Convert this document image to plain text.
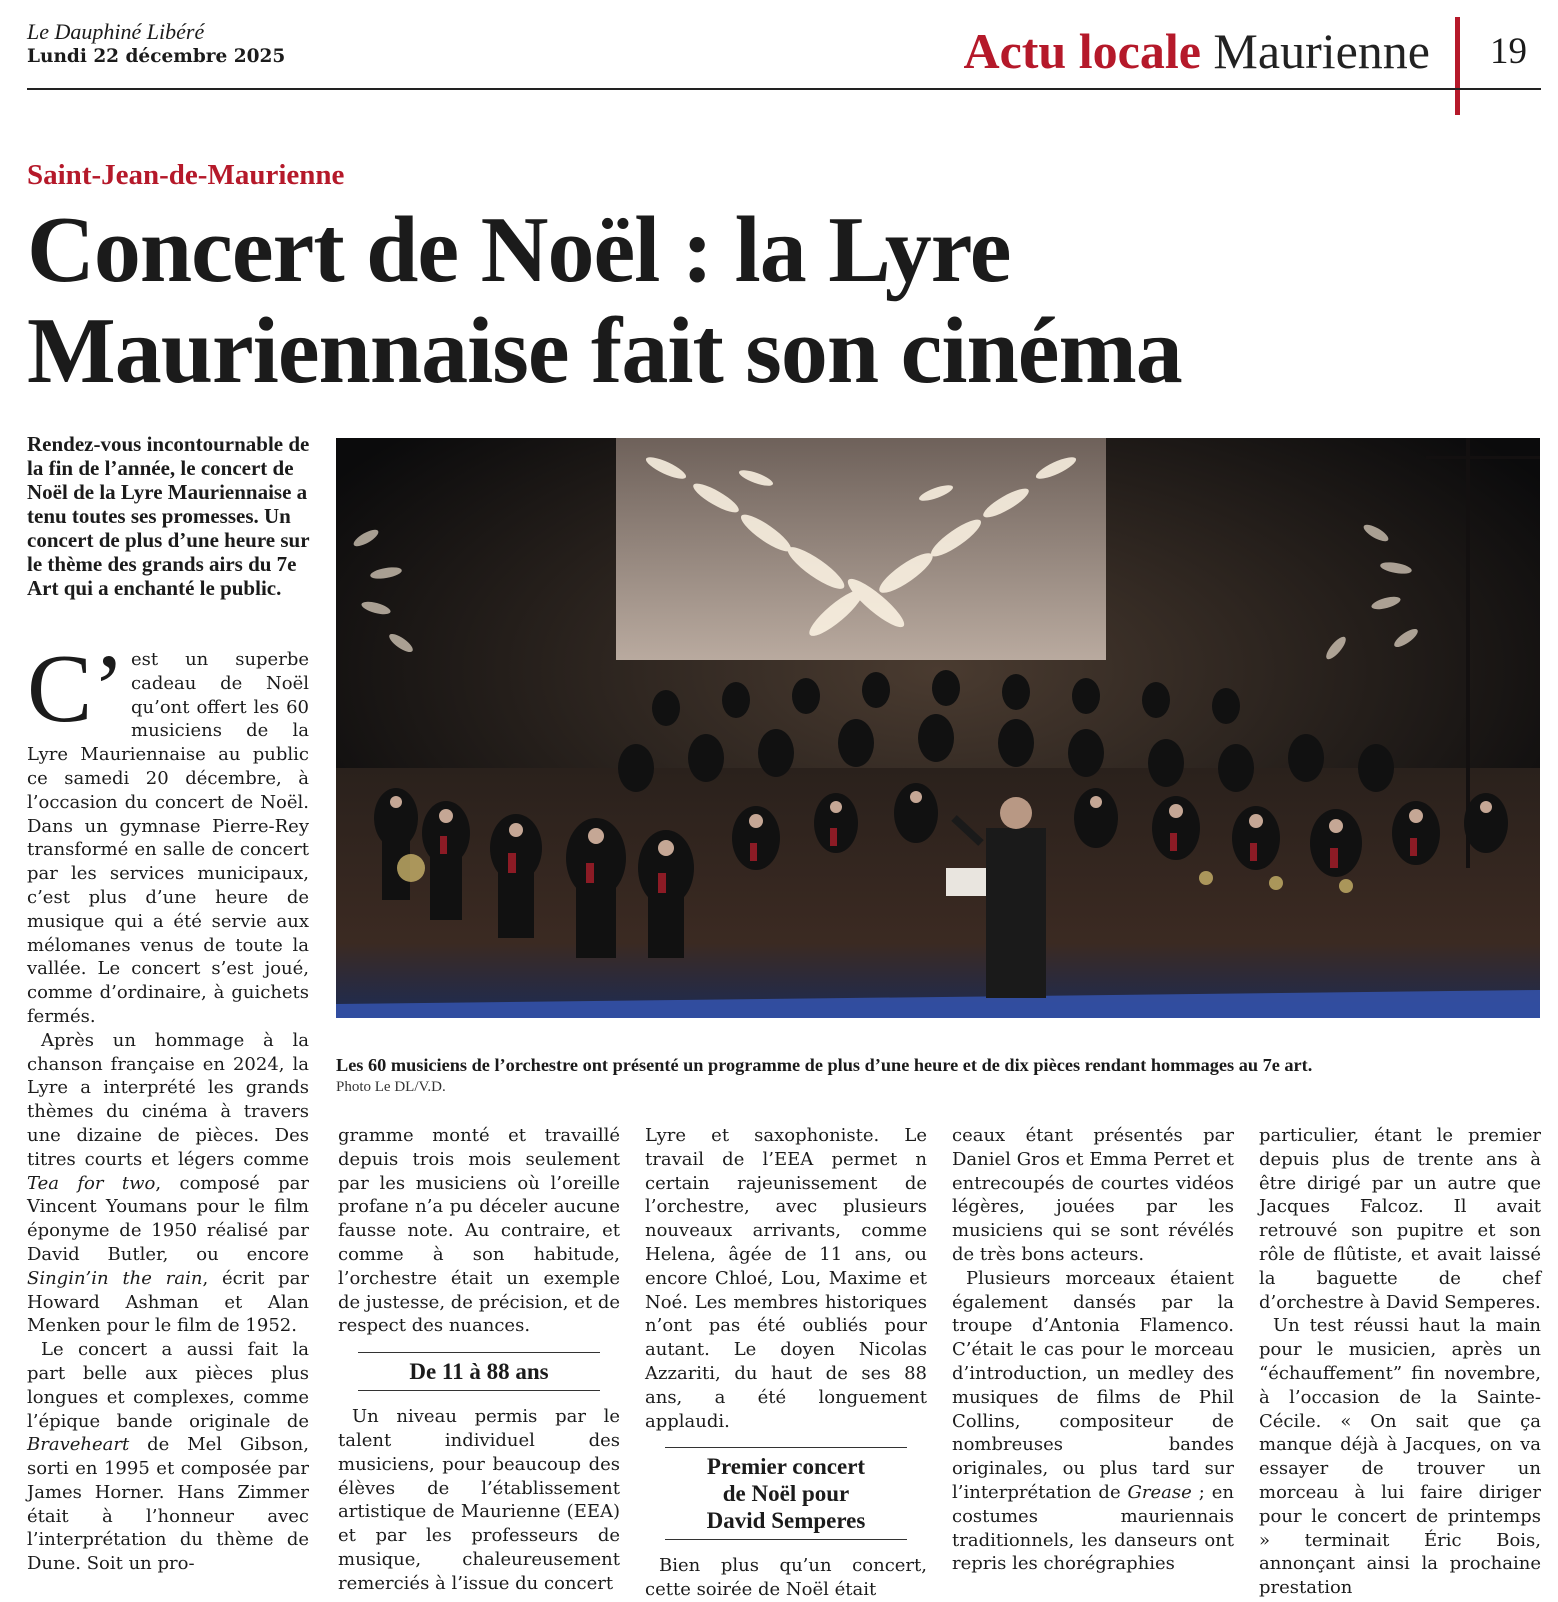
Le Dauphiné Libéré
Lundi 22 décembre 2025	Actu locale Maurienne 19
Saint-Jean-de-Maurienne
Concert de Noël : la Lyre
Mauriennaise fait son cinéma
Rendez-vous incontournable de la fin de l’année, le concert de Noël de la Lyre Mauriennaise a tenu toutes ses promesses. Un concert de plus d’une heure sur le thème des grands airs du 7e Art qui a enchanté le public.
Les 60 musiciens de l’orchestre ont présenté un programme de plus d’une heure et de dix pièces rendant hommages au 7e art.
Photo Le DL/V.D.

C’ est un superbe cadeau de Noël qu’ont offert les 60 musiciens de la Lyre Mauriennaise au public ce samedi 20 décembre, à l’occasion du concert de Noël. Dans un gymnase Pierre-Rey transformé en salle de concert par les services municipaux, c’est plus d’une heure de musique qui a été servie aux mélomanes venus de toute la vallée. Le concert s’est joué, comme d’ordinaire, à guichets fermés.

Après un hommage à la chanson française en 2024, la Lyre a interprété les grands thèmes du cinéma à travers une dizaine de pièces. Des titres courts et légers comme Tea for two, composé par Vincent Youmans pour le film éponyme de 1950 réalisé par David Butler, ou encore Singin’in the rain, écrit par Howard Ashman et Alan Menken pour le film de 1952.

Le concert a aussi fait la part belle aux pièces plus longues et complexes, comme l’épique bande originale de Braveheart de Mel Gibson, sorti en 1995 et composée par James Horner. Hans Zimmer était à l’honneur avec l’interprétation du thème de Dune. Soit un pro-

gramme monté et travaillé depuis trois mois seulement par les musiciens où l’oreille profane n’a pu déceler aucune fausse note. Au contraire, et comme à son habitude, l’orchestre était un exemple de justesse, de précision, et de respect des nuances.

De 11 à 88 ans

Un niveau permis par le talent individuel des musiciens, pour beaucoup des élèves de l’établissement artistique de Maurienne (EEA) et par les professeurs de musique, chaleureusement remerciés à l’issue du concert

Lyre et saxophoniste. Le travail de l’EEA permet n certain rajeunissement de l’orchestre, avec plusieurs nouveaux arrivants, comme Helena, âgée de 11 ans, ou encore Chloé, Lou, Maxime et Noé. Les membres historiques n’ont pas été oubliés pour autant. Le doyen Nicolas Azzariti, du haut de ses 88 ans, a été longuement applaudi.

Premier concert
de Noël pour
David Semperes

Bien plus qu’un concert, cette soirée de Noël était

ceaux étant présentés par Daniel Gros et Emma Perret et entrecoupés de courtes vidéos légères, jouées par les musiciens qui se sont révélés de très bons acteurs.

Plusieurs morceaux étaient également dansés par la troupe d’Antonia Flamenco. C’était le cas pour le morceau d’introduction, un medley des musiques de films de Phil Collins, compositeur de nombreuses bandes originales, ou plus tard sur l’interprétation de Grease ; en costumes mauriennais traditionnels, les danseurs ont repris les chorégraphies

particulier, étant le premier depuis plus de trente ans à être dirigé par un autre que Jacques Falcoz. Il avait retrouvé son pupitre et son rôle de flûtiste, et avait laissé la baguette de chef d’orchestre à David Semperes.

Un test réussi haut la main pour le musicien, après un “échauffement” fin novembre, à l’occasion de la Sainte-Cécile. « On sait que ça manque déjà à Jacques, on va essayer de trouver un morceau à lui faire diriger pour le concert de printemps » terminait Éric Bois, annonçant ainsi la prochaine prestation
